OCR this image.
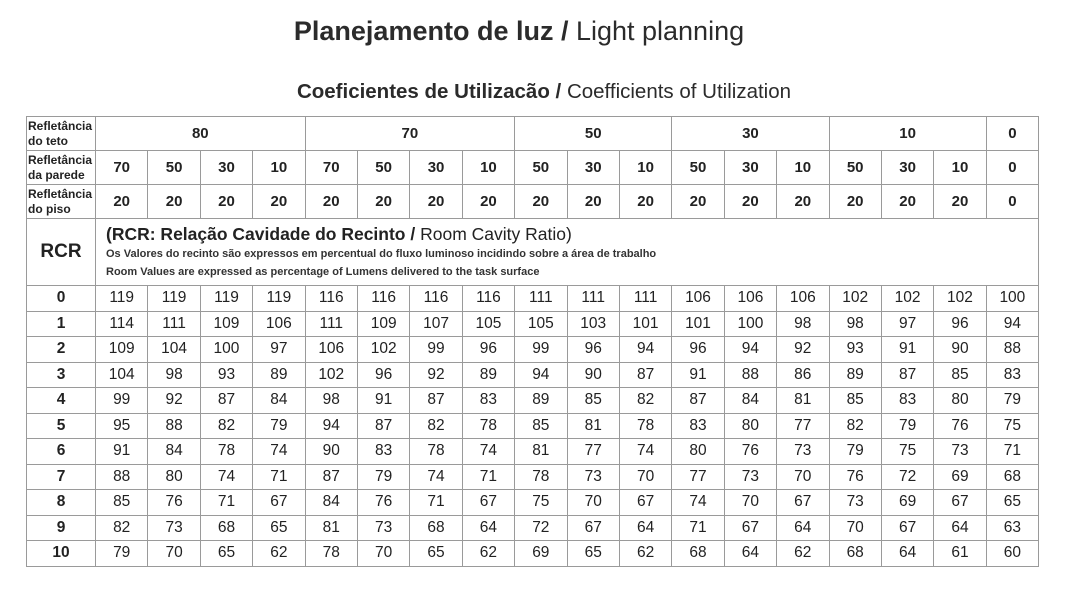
Planejamento de luz / Light planning
Coeficientes de Utilizacão / Coefficients of Utilization
Refletância
do teto	80				70				50			30			10			0
Refletância
da parede	70	50	30	10	70	50	30	10	50	30	10	50	30	10	50	30	10	0
Refletância
do piso	20	20	20	20	20	20	20	20	20	20	20	20	20	20	20	20	20	0
RCR	(RCR: Relação Cavidade do Recinto / Room Cavity Ratio)
Os Valores do recinto são expressos em percentual do fluxo luminoso incidindo sobre a área de trabalho
Room Values are expressed as percentage of Lumens delivered to the task surface																	

0	119	119	119	119	116	116	116	116	111	111	111	106	106	106	102	102	102	100
1	114	111	109	106	111	109	107	105	105	103	101	101	100	98	98	97	96	94
2	109	104	100	97	106	102	99	96	99	96	94	96	94	92	93	91	90	88
3	104	98	93	89	102	96	92	89	94	90	87	91	88	86	89	87	85	83
4	99	92	87	84	98	91	87	83	89	85	82	87	84	81	85	83	80	79
5	95	88	82	79	94	87	82	78	85	81	78	83	80	77	82	79	76	75
6	91	84	78	74	90	83	78	74	81	77	74	80	76	73	79	75	73	71
7	88	80	74	71	87	79	74	71	78	73	70	77	73	70	76	72	69	68
8	85	76	71	67	84	76	71	67	75	70	67	74	70	67	73	69	67	65
9	82	73	68	65	81	73	68	64	72	67	64	71	67	64	70	67	64	63
10	79	70	65	62	78	70	65	62	69	65	62	68	64	62	68	64	61	60
